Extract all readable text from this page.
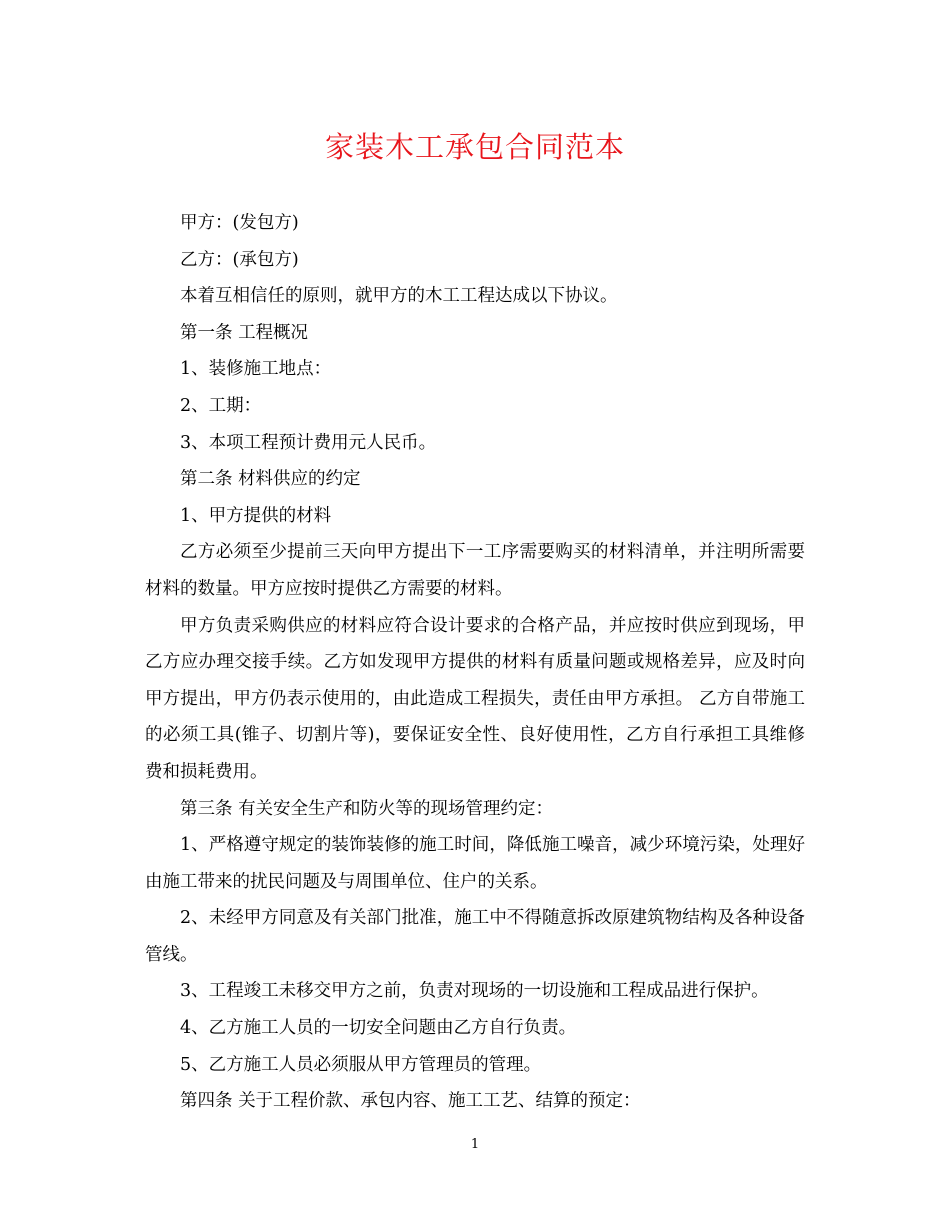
家装木工承包合同范本

甲方：(发包方)

乙方：(承包方)

本着互相信任的原则，就甲方的木工工程达成以下协议。

第一条 工程概况

1、装修施工地点：

2、工期：

3、本项工程预计费用元人民币。

第二条 材料供应的约定

1、甲方提供的材料

乙方必须至少提前三天向甲方提出下一工序需要购买的材料清单，并注明所需要材料的数量。甲方应按时提供乙方需要的材料。

甲方负责采购供应的材料应符合设计要求的合格产品，并应按时供应到现场，甲乙方应办理交接手续。乙方如发现甲方提供的材料有质量问题或规格差异，应及时向甲方提出，甲方仍表示使用的，由此造成工程损失，责任由甲方承担。 乙方自带施工的必须工具(锥子、切割片等)，要保证安全性、良好使用性，乙方自行承担工具维修费和损耗费用。

第三条 有关安全生产和防火等的现场管理约定：

1、严格遵守规定的装饰装修的施工时间，降低施工噪音，减少环境污染，处理好由施工带来的扰民问题及与周围单位、住户的关系。

2、未经甲方同意及有关部门批准，施工中不得随意拆改原建筑物结构及各种设备管线。

3、工程竣工未移交甲方之前，负责对现场的一切设施和工程成品进行保护。

4、乙方施工人员的一切安全问题由乙方自行负责。

5、乙方施工人员必须服从甲方管理员的管理。

第四条 关于工程价款、承包内容、施工工艺、结算的预定：

1
